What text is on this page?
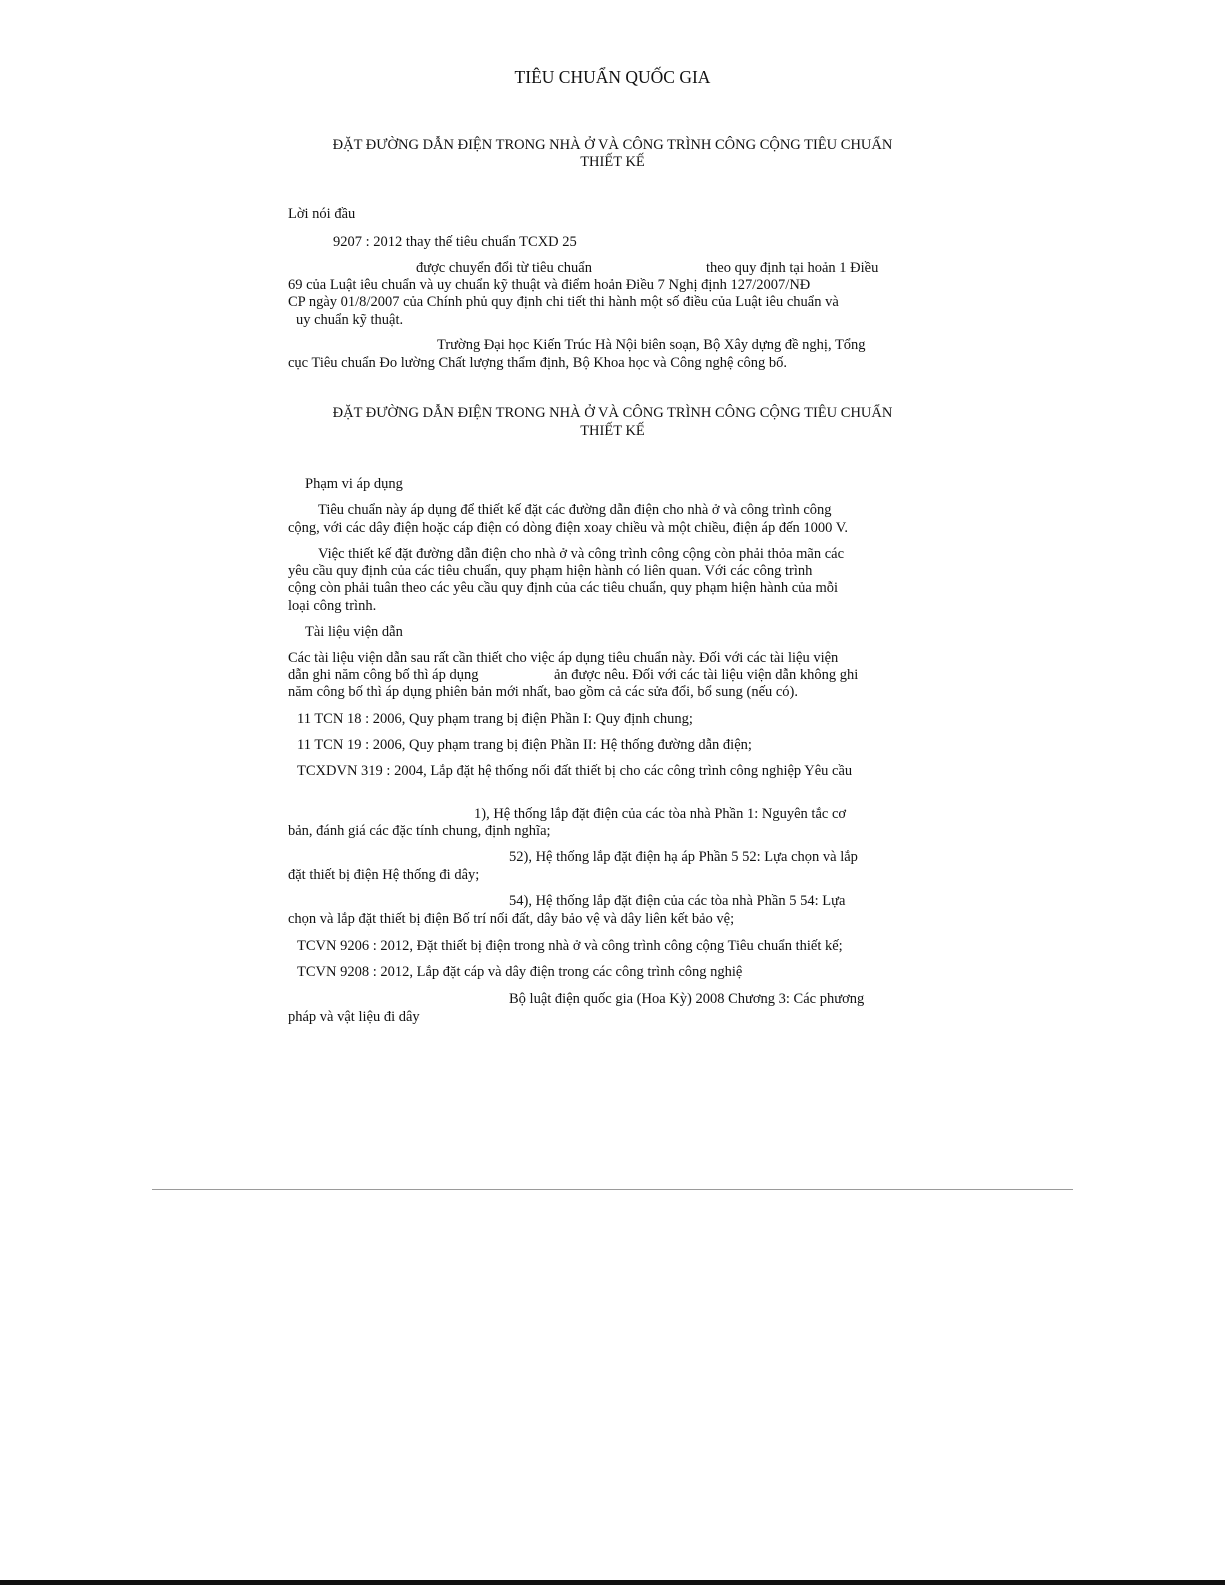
TIÊU CHUẨN QUỐC GIA

ĐẶT ĐƯỜNG DẪN ĐIỆN TRONG NHÀ Ở VÀ CÔNG TRÌNH CÔNG CỘNG TIÊU CHUẨN

THIẾT KẾ

Lời nói đầu

9207 : 2012 thay thế tiêu chuẩn TCXD 25

được chuyển đổi từ tiêu chuẩn	theo quy định tại hoản 1 Điều

69 của Luật iêu chuẩn và uy chuẩn kỹ thuật và điểm hoản Điều 7 Nghị định 127/2007/NĐ

CP ngày 01/8/2007 của Chính phủ quy định chi tiết thi hành một số điều của Luật iêu chuẩn và

uy chuẩn kỹ thuật.

Trường Đại học Kiến Trúc Hà Nội biên soạn, Bộ Xây dựng đề nghị, Tổng

cục Tiêu chuẩn Đo lường Chất lượng thẩm định, Bộ Khoa học và Công nghệ công bố.

ĐẶT ĐƯỜNG DẪN ĐIỆN TRONG NHÀ Ở VÀ CÔNG TRÌNH CÔNG CỘNG TIÊU CHUẨN

THIẾT KẾ

Phạm vi áp dụng

Tiêu chuẩn này áp dụng để thiết kế đặt các đường dẫn điện cho nhà ở và công trình công

cộng, với các dây điện hoặc cáp điện có dòng điện xoay chiều và một chiều, điện áp đến 1000 V.

Việc thiết kế đặt đường dẫn điện cho nhà ở và công trình công cộng còn phải thỏa mãn các

yêu cầu quy định của các tiêu chuẩn, quy phạm hiện hành có liên quan. Với các công trình

cộng còn phải tuân theo các yêu cầu quy định của các tiêu chuẩn, quy phạm hiện hành của mỗi

loại công trình.

Tài liệu viện dẫn

Các tài liệu viện dẫn sau rất cần thiết cho việc áp dụng tiêu chuẩn này. Đối với các tài liệu viện

dẫn ghi năm công bố thì áp dụng	ản được nêu. Đối với các tài liệu viện dẫn không ghi

năm công bố thì áp dụng phiên bản mới nhất, bao gồm cả các sửa đổi, bổ sung (nếu có).

11 TCN 18 : 2006, Quy phạm trang bị điện Phần I: Quy định chung;

11 TCN 19 : 2006, Quy phạm trang bị điện Phần II: Hệ thống đường dẫn điện;

TCXDVN 319 : 2004, Lắp đặt hệ thống nối đất thiết bị cho các công trình công nghiệp Yêu cầu

1), Hệ thống lắp đặt điện của các tòa nhà Phần 1: Nguyên tắc cơ

bản, đánh giá các đặc tính chung, định nghĩa;

52), Hệ thống lắp đặt điện hạ áp Phần 5 52: Lựa chọn và lắp

đặt thiết bị điện Hệ thống đi dây;

54), Hệ thống lắp đặt điện của các tòa nhà Phần 5 54: Lựa

chọn và lắp đặt thiết bị điện Bố trí nối đất, dây bảo vệ và dây liên kết bảo vệ;

TCVN 9206 : 2012, Đặt thiết bị điện trong nhà ở và công trình công cộng Tiêu chuẩn thiết kế;

TCVN 9208 : 2012, Lắp đặt cáp và dây điện trong các công trình công nghiệ

Bộ luật điện quốc gia (Hoa Kỳ) 2008 Chương 3: Các phương

pháp và vật liệu đi dây
